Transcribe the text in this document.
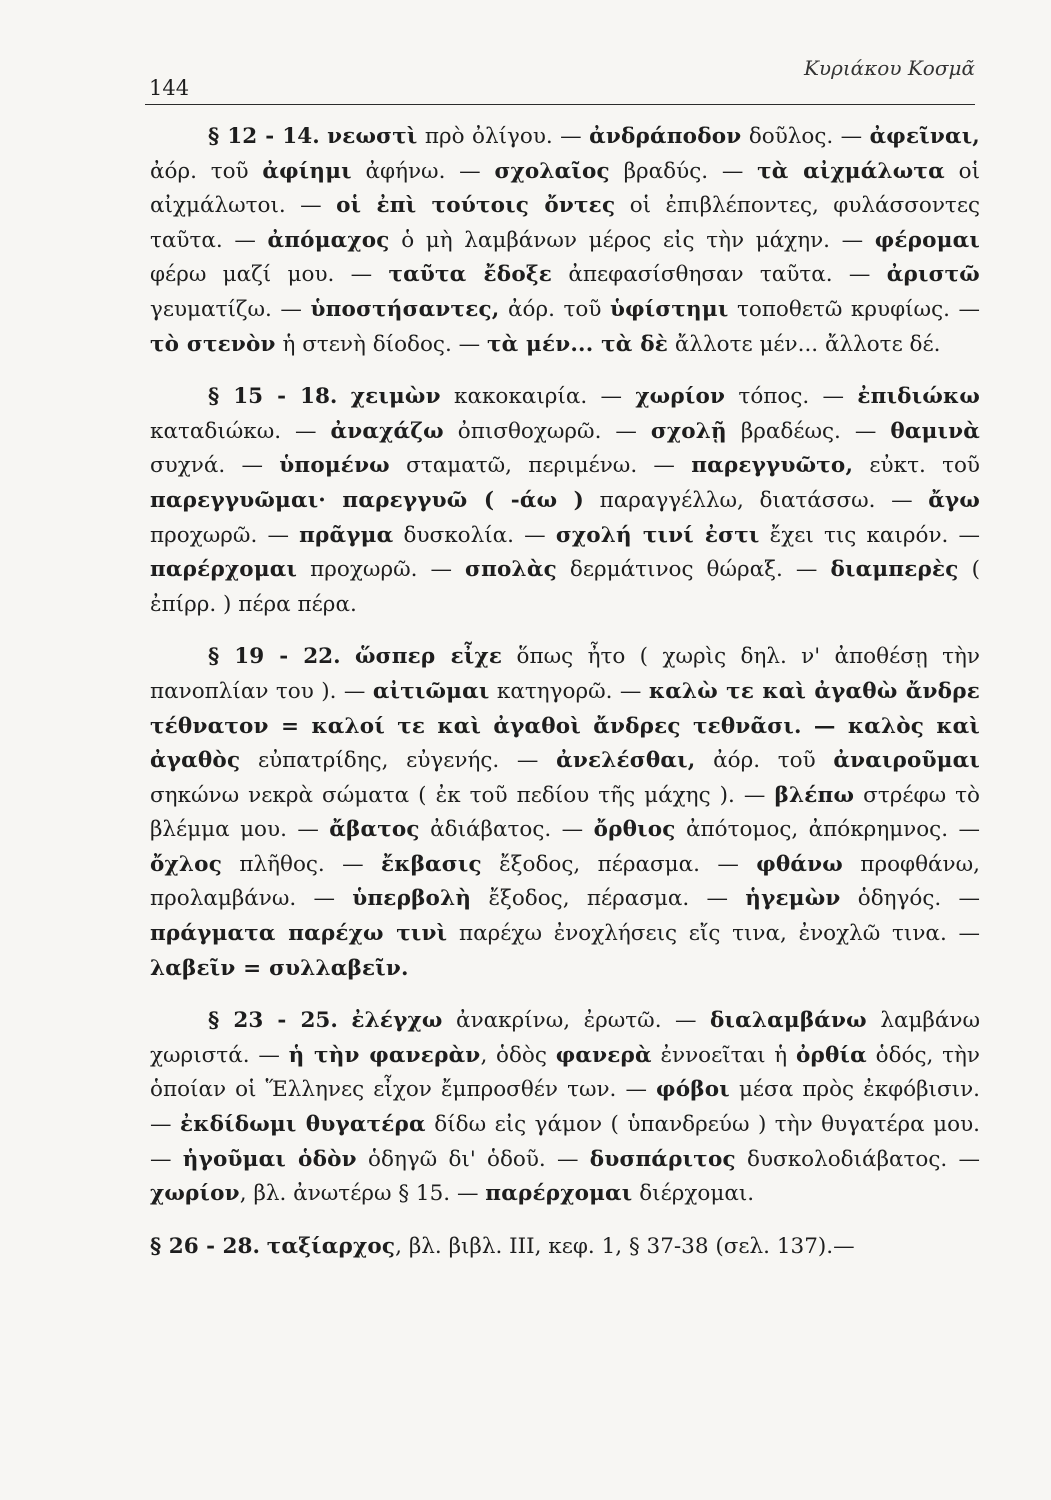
144
Κυριάκου Κοσμᾶ

§ 12 - 14. νεωστὶ πρὸ ὀλίγου. — ἀνδράποδον δοῦλος. — ἀφεῖναι, ἀόρ. τοῦ ἀφίημι ἀφήνω. — σχολαῖος βραδύς. — τὰ αἰχμάλωτα οἱ αἰχμάλωτοι. — οἱ ἐπὶ τούτοις ὄντες οἱ ἐπιβλέποντες, φυλάσσοντες ταῦτα. — ἀπόμαχος ὁ μὴ λαμβάνων μέρος εἰς τὴν μάχην. — φέρομαι φέρω μαζί μου. — ταῦτα ἔδοξε ἀπεφασίσθησαν ταῦτα. — ἀριστῶ γευματίζω. — ὑποστήσαντες, ἀόρ. τοῦ ὑφίστημι τοποθετῶ κρυφίως. — τὸ στενὸν ἡ στενὴ δίοδος. — τὰ μέν... τὰ δὲ ἄλλοτε μέν... ἄλλοτε δέ.

§ 15 - 18. χειμὼν κακοκαιρία. — χωρίον τόπος. — ἐπιδιώκω καταδιώκω. — ἀναχάζω ὀπισθοχωρῶ. — σχολῇ βραδέως. — θαμινὰ συχνά. — ὑπομένω σταματῶ, περιμένω. — παρεγγυῶτο, εὐκτ. τοῦ παρεγγυῶμαι· παρεγγυῶ ( -άω ) παραγγέλλω, διατάσσω. — ἄγω προχωρῶ. — πρᾶγμα δυσκολία. — σχολή τινί ἐστι ἔχει τις καιρόν. — παρέρχομαι προχωρῶ. — σπολὰς δερμάτινος θώραξ. — διαμπερὲς ( ἐπίρρ. ) πέρα πέρα.

§ 19 - 22. ὥσπερ εἶχε ὅπως ἦτο ( χωρὶς δηλ. ν' ἀποθέσῃ τὴν πανοπλίαν του ). — αἰτιῶμαι κατηγορῶ. — καλὼ τε καὶ ἀγαθὼ ἄνδρε τέθνατον = καλοί τε καὶ ἀγαθοὶ ἄνδρες τεθνᾶσι. — καλὸς καὶ ἀγαθὸς εὐπατρίδης, εὐγενής. — ἀνελέσθαι, ἀόρ. τοῦ ἀναιροῦμαι σηκώνω νεκρὰ σώματα ( ἐκ τοῦ πεδίου τῆς μάχης ). — βλέπω στρέφω τὸ βλέμμα μου. — ἄβατος ἀδιάβατος. — ὄρθιος ἀπότομος, ἀπόκρημνος. — ὄχλος πλῆθος. — ἔκβασις ἔξοδος, πέρασμα. — φθάνω προφθάνω, προλαμβάνω. — ὑπερβολὴ ἔξοδος, πέρασμα. — ἡγεμὼν ὁδηγός. — πράγματα παρέχω τινὶ παρέχω ἐνοχλήσεις εἴς τινα, ἐνοχλῶ τινα. — λαβεῖν = συλλαβεῖν.

§ 23 - 25. ἐλέγχω ἀνακρίνω, ἐρωτῶ. — διαλαμβάνω λαμβάνω χωριστά. — ἡ τὴν φανερὰν, ὁδὸς φανερὰ ἐννοεῖται ἡ ὀρθία ὁδός, τὴν ὁποίαν οἱ Ἕλληνες εἶχον ἔμπροσθέν των. — φόβοι μέσα πρὸς ἐκφόβισιν. — ἐκδίδωμι θυγατέρα δίδω εἰς γάμον ( ὑπανδρεύω ) τὴν θυγατέρα μου. — ἡγοῦμαι ὁδὸν ὁδηγῶ δι' ὁδοῦ. — δυσπάριτος δυσκολοδιάβατος. — χωρίον, βλ. ἀνωτέρω § 15. — παρέρχομαι διέρχομαι.

§ 26 - 28. ταξίαρχος, βλ. βιβλ. III, κεφ. 1, § 37-38 (σελ. 137).—
